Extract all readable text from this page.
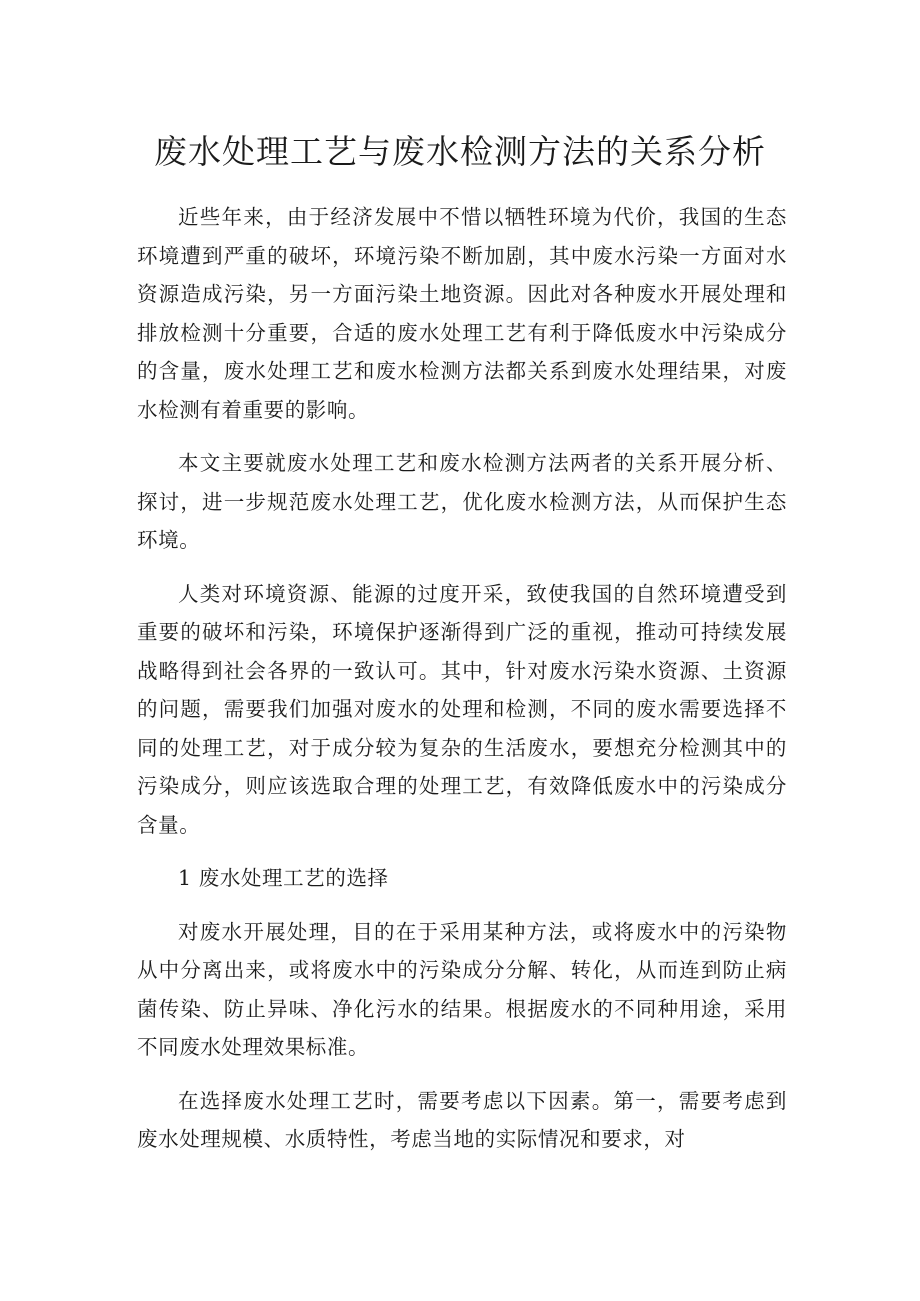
废水处理工艺与废水检测方法的关系分析

近些年来，由于经济发展中不惜以牺牲环境为代价，我国的生态环境遭到严重的破坏，环境污染不断加剧，其中废水污染一方面对水资源造成污染，另一方面污染土地资源。因此对各种废水开展处理和排放检测十分重要，合适的废水处理工艺有利于降低废水中污染成分的含量，废水处理工艺和废水检测方法都关系到废水处理结果，对废水检测有着重要的影响。

本文主要就废水处理工艺和废水检测方法两者的关系开展分析、探讨，进一步规范废水处理工艺，优化废水检测方法，从而保护生态环境。

人类对环境资源、能源的过度开采，致使我国的自然环境遭受到重要的破坏和污染，环境保护逐渐得到广泛的重视，推动可持续发展战略得到社会各界的一致认可。其中，针对废水污染水资源、土资源的问题，需要我们加强对废水的处理和检测，不同的废水需要选择不同的处理工艺，对于成分较为复杂的生活废水，要想充分检测其中的污染成分，则应该选取合理的处理工艺，有效降低废水中的污染成分含量。

1 废水处理工艺的选择

对废水开展处理，目的在于采用某种方法，或将废水中的污染物从中分离出来，或将废水中的污染成分分解、转化，从而连到防止病菌传染、防止异味、净化污水的结果。根据废水的不同种用途，采用不同废水处理效果标准。

在选择废水处理工艺时，需要考虑以下因素。第一，需要考虑到废水处理规模、水质特性，考虑当地的实际情况和要求，对
